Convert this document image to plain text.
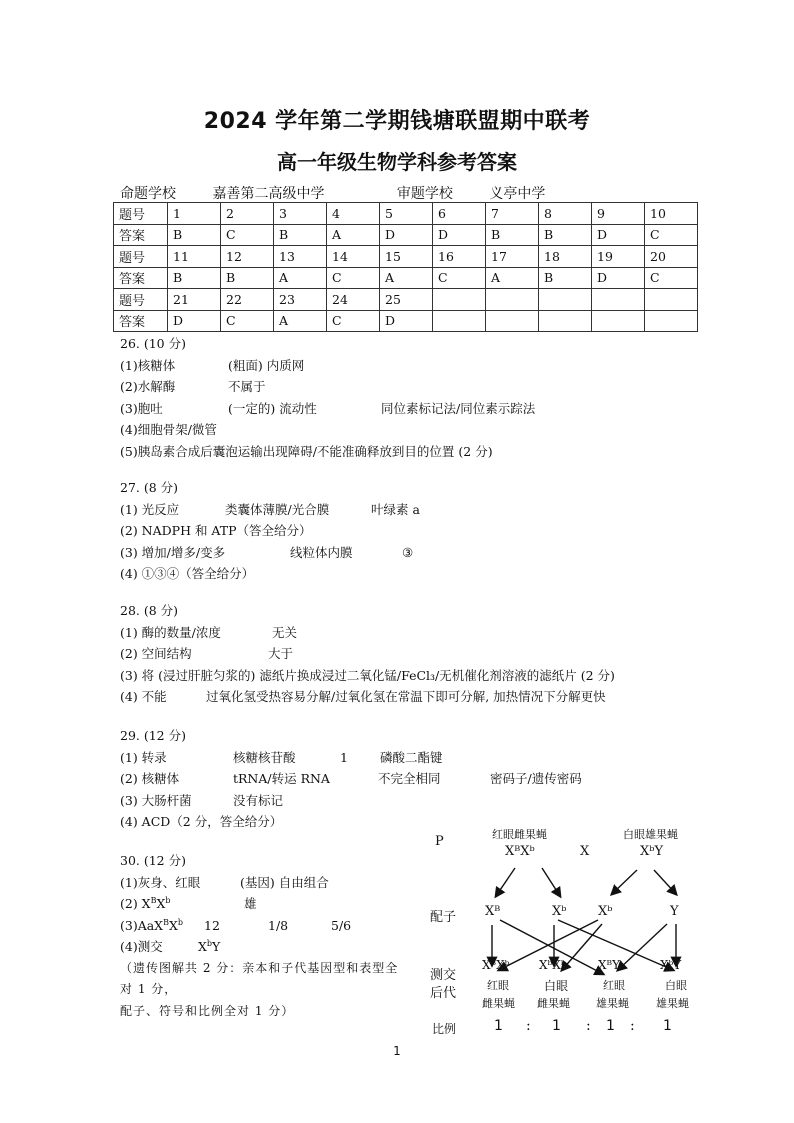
2024 学年第二学期钱塘联盟期中联考
高一年级生物学科参考答案
命题学校	嘉善第二高级中学	审题学校	义亭中学
题号	1	2	3	4	5	6	7	8	9	10
答案	B	C	B	A	D	D	B	B	D	C
题号	11	12	13	14	15	16	17	18	19	20
答案	B	B	A	C	A	C	A	B	D	C
题号	21	22	23	24	25					
答案	D	C	A	C	D					
26. (10 分)
(1)核糖体	(粗面) 内质网
(2)水解酶	不属于
(3)胞吐	(一定的) 流动性	同位素标记法/同位素示踪法
(4)细胞骨架/微管
(5)胰岛素合成后囊泡运输出现障碍/不能准确释放到目的位置 (2 分)
27. (8 分)
(1) 光反应	类囊体薄膜/光合膜	叶绿素 a
(2) NADPH 和 ATP（答全给分）
(3) 增加/增多/变多	线粒体内膜	③
(4) ①③④（答全给分）
28. (8 分)
(1) 酶的数量/浓度	无关
(2) 空间结构	大于
(3) 将 (浸过肝脏匀浆的) 滤纸片换成浸过二氧化锰/FeCl₃/无机催化剂溶液的滤纸片 (2 分)
(4) 不能	过氧化氢受热容易分解/过氧化氢在常温下即可分解, 加热情况下分解更快
29. (12 分)
(1) 转录	核糖核苷酸	1	磷酸二酯键
(2) 核糖体	tRNA/转运 RNA	不完全相同	密码子/遗传密码
(3) 大肠杆菌	没有标记
(4) ACD（2 分，答全给分）
30. (12 分)
(1)灰身、红眼	(基因) 自由组合
(2) $X^BX^b$	雄
$(3)AaX^BX^b$ 12	1/8	5/6
(4)测交	$X^bY$
（遗传图解共 2 分：亲本和子代基因型和表型全
对 1 分，
配子、符号和比例全对 1 分）
P	红眼雌果蝇
XᴮXᵇ	X
白眼雄果蝇
XᵇY
配子 Xᴮ	Xᵇ Xᵇ	Y
测交
后代
XᴮXᵇ
红眼
雌果蝇
XᵇXᵇ
白眼
雌果蝇
XᴮY
红眼
雄果蝇
XᵇY
白眼
雄果蝇
比例	1 : 1 : 1 : 1
1
